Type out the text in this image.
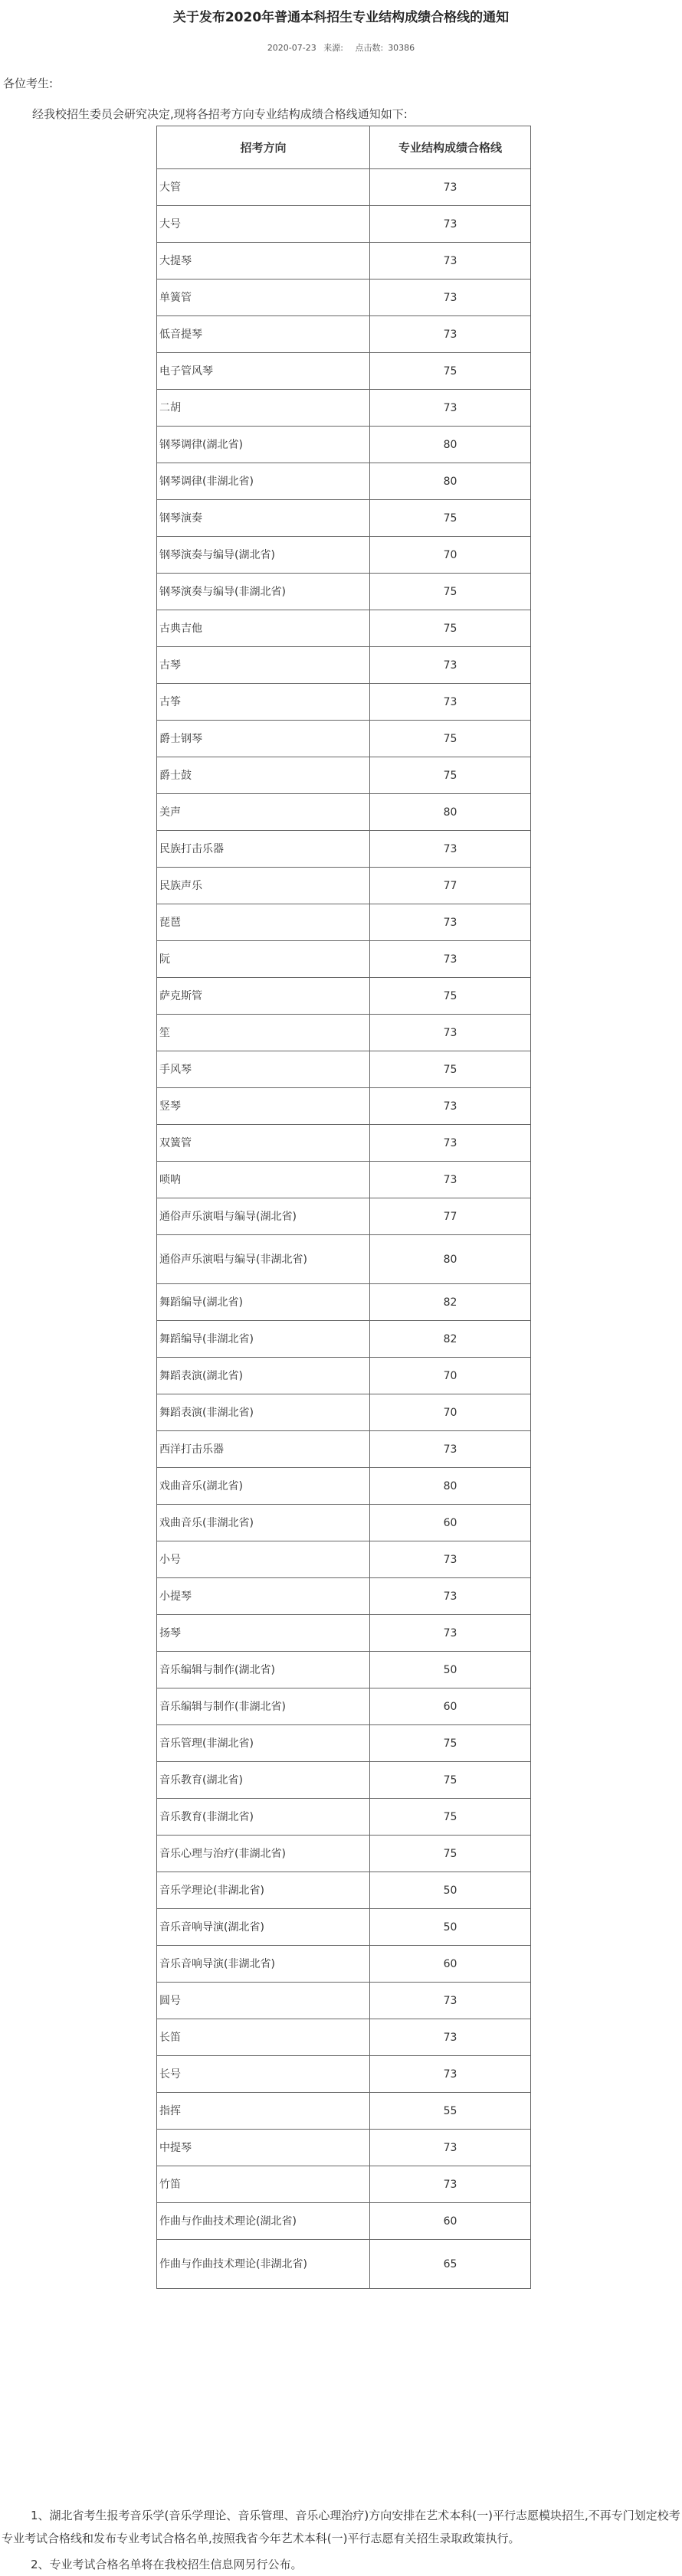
关于发布2020年普通本科招生专业结构成绩合格线的通知
2020-07-23 来源: 点击数: 30386

各位考生:

经我校招生委员会研究决定,现将各招考方向专业结构成绩合格线通知如下:

招考方向	专业结构成绩合格线
大管	73
大号	73
大提琴	73
单簧管	73
低音提琴	73
电子管风琴	75
二胡	73
钢琴调律(湖北省)	80
钢琴调律(非湖北省)	80
钢琴演奏	75
钢琴演奏与编导(湖北省)	70
钢琴演奏与编导(非湖北省)	75
古典吉他	75
古琴	73
古筝	73
爵士钢琴	75
爵士鼓	75
美声	80
民族打击乐器	73
民族声乐	77
琵琶	73
阮	73
萨克斯管	75
笙	73
手风琴	75
竖琴	73
双簧管	73
唢呐	73
通俗声乐演唱与编导(湖北省)	77
通俗声乐演唱与编导(非湖北省)	80
舞蹈编导(湖北省)	82
舞蹈编导(非湖北省)	82
舞蹈表演(湖北省)	70
舞蹈表演(非湖北省)	70
西洋打击乐器	73
戏曲音乐(湖北省)	80
戏曲音乐(非湖北省)	60
小号	73
小提琴	73
扬琴	73
音乐编辑与制作(湖北省)	50
音乐编辑与制作(非湖北省)	60
音乐管理(非湖北省)	75
音乐教育(湖北省)	75
音乐教育(非湖北省)	75
音乐心理与治疗(非湖北省)	75
音乐学理论(非湖北省)	50
音乐音响导演(湖北省)	50
音乐音响导演(非湖北省)	60
圆号	73
长笛	73
长号	73
指挥	55
中提琴	73
竹笛	73
作曲与作曲技术理论(湖北省)	60
作曲与作曲技术理论(非湖北省)	65

1、湖北省考生报考音乐学(音乐学理论、音乐管理、音乐心理治疗)方向安排在艺术本科(一)平行志愿模块招生,不再专门划定校考专业考试合格线和发布专业考试合格名单,按照我省今年艺术本科(一)平行志愿有关招生录取政策执行。

2、专业考试合格名单将在我校招生信息网另行公布。
